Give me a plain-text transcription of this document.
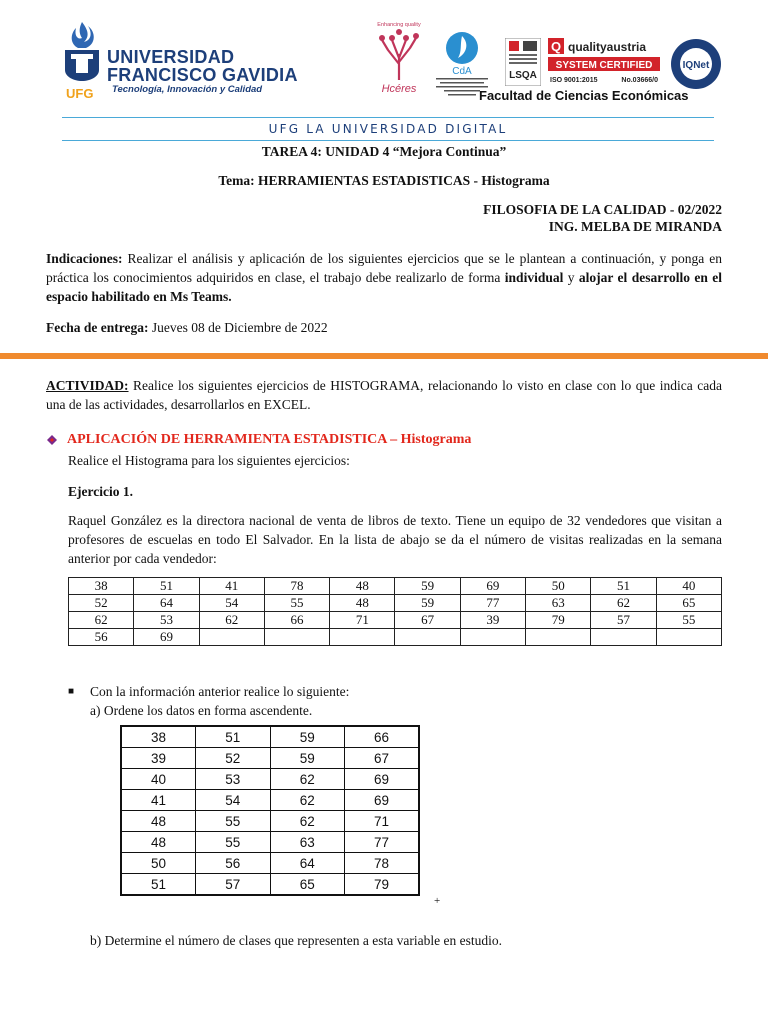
UFG
UNIVERSIDAD
FRANCISCO GAVIDIA
Tecnología, Innovación y Calidad	Hcéres
Enhancing quality
CdA	LSQA
Q qualityaustria
SYSTEM CERTIFIED
ISO 9001:2015	No.03666/0
IQNet
Facultad de Ciencias Económicas
UFG LA UNIVERSIDAD DIGITAL
TAREA 4: UNIDAD 4 “Mejora Continua”
Tema: HERRAMIENTAS ESTADISTICAS - Histograma
FILOSOFIA DE LA CALIDAD - 02/2022
ING. MELBA DE MIRANDA
Indicaciones: Realizar el análisis y aplicación de los siguientes ejercicios que se le plantean a continuación, y ponga en práctica los conocimientos adquiridos en clase, el trabajo debe realizarlo de forma individual y alojar el desarrollo en el espacio habilitado en Ms Teams.
Fecha de entrega: Jueves 08 de Diciembre de 2022
ACTIVIDAD: Realice los siguientes ejercicios de HISTOGRAMA, relacionando lo visto en clase con lo que indica cada una de las actividades, desarrollarlos en EXCEL.
APLICACIÓN DE HERRAMIENTA ESTADISTICA – Histograma
Realice el Histograma para los siguientes ejercicios:
Ejercicio 1.
Raquel González es la directora nacional de venta de libros de texto. Tiene un equipo de 32 vendedores que visitan a profesores de escuelas en todo El Salvador. En la lista de abajo se da el número de visitas realizadas en la semana anterior por cada vendedor:
38	51	41	78	48	59	69	50	51	40
52	64	54	55	48	59	77	63	62	65
62	53	62	66	71	67	39	79	57	55
56	69								
■	Con la información anterior realice lo siguiente:
a) Ordene los datos en forma ascendente.
38	51	59	66
39	52	59	67
40	53	62	69
41	54	62	69
48	55	62	71
48	55	63	77
50	56	64	78
51	57	65	79
+
b) Determine el número de clases que representen a esta variable en estudio.
